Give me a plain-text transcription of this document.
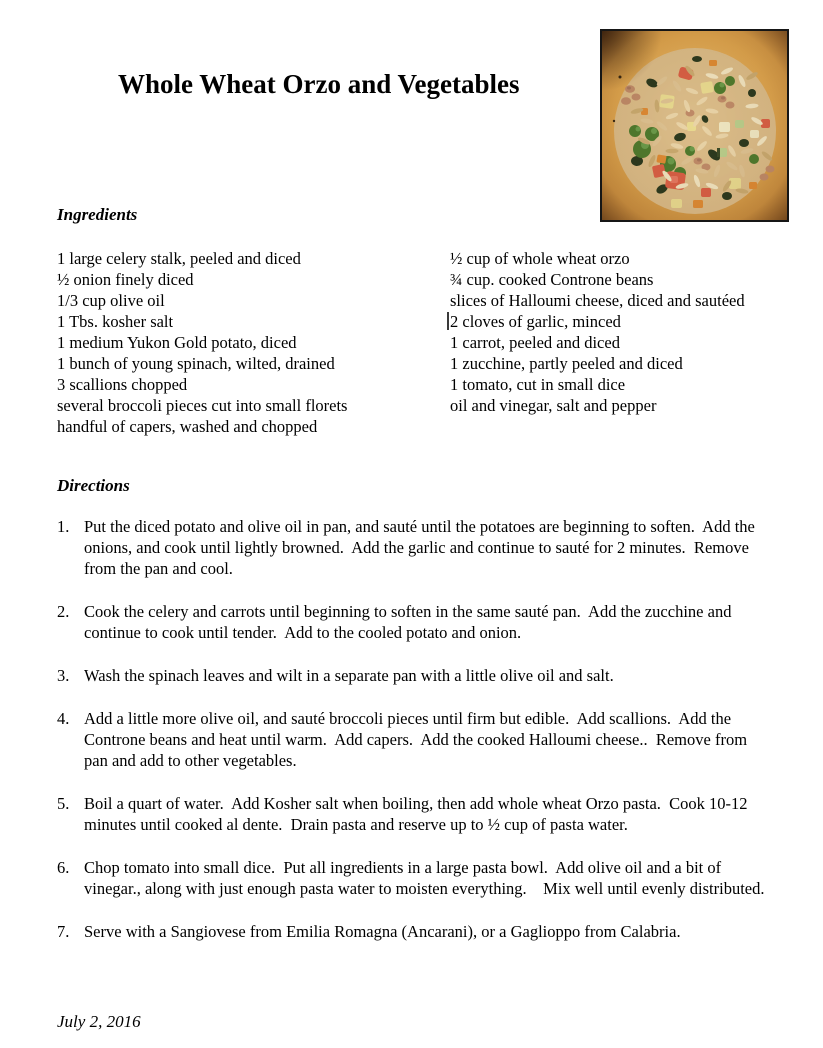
Whole Wheat Orzo and Vegetables
Ingredients
1 large celery stalk, peeled and diced
½ onion finely diced
1/3 cup olive oil
1 Tbs. kosher salt
1 medium Yukon Gold potato, diced
1 bunch of young spinach, wilted, drained
3 scallions chopped
several broccoli pieces cut into small florets
handful of capers, washed and chopped
½ cup of whole wheat orzo
¾ cup. cooked Controne beans
slices of Halloumi cheese, diced and sautéed
2 cloves of garlic, minced
1 carrot, peeled and diced
1 zucchine, partly peeled and diced
1 tomato, cut in small dice
oil and vinegar, salt and pepper
Directions
1. Put the diced potato and olive oil in pan, and sauté until the potatoes are beginning to soften.  Add the onions, and cook until lightly browned.  Add the garlic and continue to sauté for 2 minutes.  Remove from the pan and cool.
2. Cook the celery and carrots until beginning to soften in the same sauté pan.  Add the zucchine and continue to cook until tender.  Add to the cooled potato and onion.
3. Wash the spinach leaves and wilt in a separate pan with a little olive oil and salt.
4. Add a little more olive oil, and sauté broccoli pieces until firm but edible.  Add scallions.  Add the Controne beans and heat until warm.  Add capers.  Add the cooked Halloumi cheese..  Remove from pan and add to other vegetables.
5. Boil a quart of water.  Add Kosher salt when boiling, then add whole wheat Orzo pasta.  Cook 10-12 minutes until cooked al dente.  Drain pasta and reserve up to ½ cup of pasta water.
6. Chop tomato into small dice.  Put all ingredients in a large pasta bowl.  Add olive oil and a bit of vinegar., along with just enough pasta water to moisten everything.    Mix well until evenly distributed.
7. Serve with a Sangiovese from Emilia Romagna (Ancarani), or a Gaglioppo from Calabria.
July 2, 2016
